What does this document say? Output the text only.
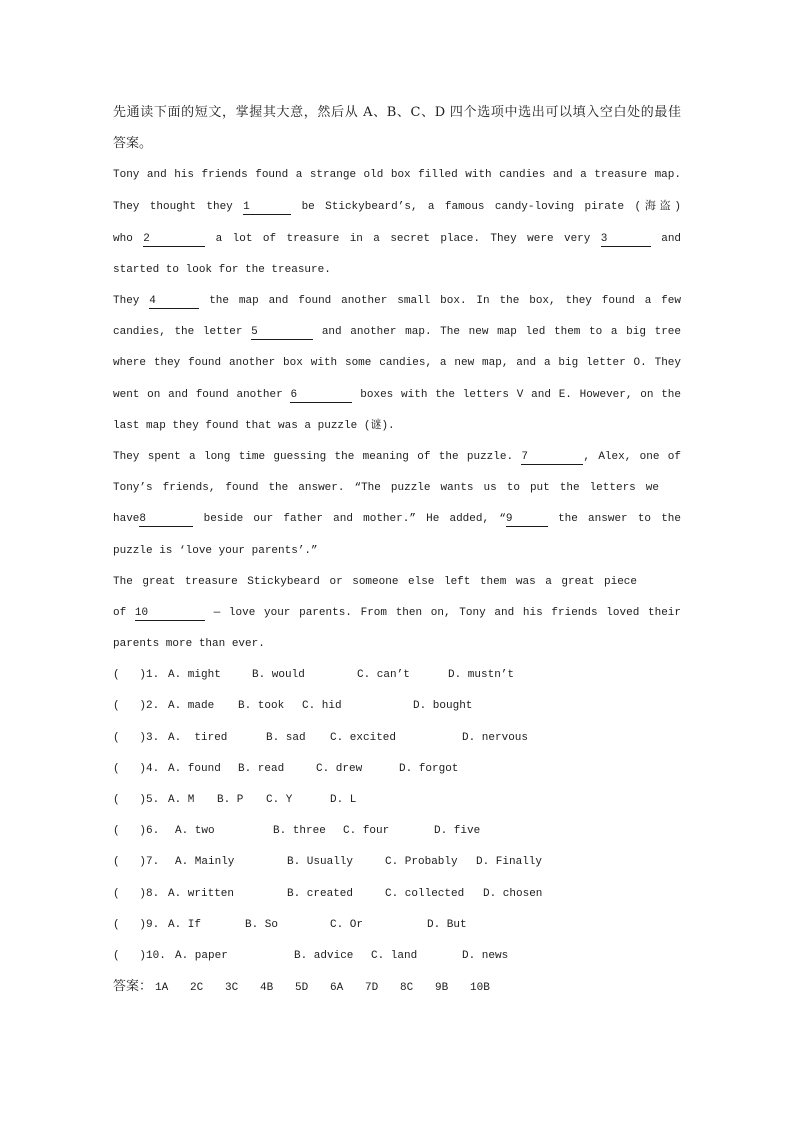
先通读下面的短文，掌握其大意，然后从 A、B、C、D 四个选项中选出可以填入空白处的最佳
答案。
Tony and his friends found a strange old box filled with candies and a treasure map.
They thought they 1	be Stickybeard’s, a famous candy-loving pirate (海盗)
who 2	a lot of treasure in a secret place. They were very 3	and
started to look for the treasure.
They 4	the map and found another small box. In the box, they found a few
candies, the letter 5	and another map. The new map led them to a big tree
where they found another box with some candies, a new map, and a big letter O. They
went on and found another 6	boxes with the letters V and E. However, on the
last map they found that was a puzzle (谜).
They spent a long time guessing the meaning of the puzzle. 7	, Alex, one of
Tony’s friends, found the answer. “The puzzle wants us to put the letters we
have8	beside our father and mother.” He added, “9	the answer to the
puzzle is ‘love your parents’.”
The great treasure Stickybeard or someone else left them was a great piece
of 10	— love your parents. From then on, Tony and his friends loved their
parents more than ever.
(   )1. A. might	B. would	C. can’t	D. mustn’t
(   )2. A. made B. took C. hid	D. bought
(   )3. A.  tired	B. sad C. excited	D. nervous
(   )4. A. found B. read	C. drew	D. forgot
(   )5. A. M B. P C. Y	D. L
(   )6. A. two	B. three C. four	D. five
(   )7. A. Mainly	B. Usually	C. Probably D. Finally
(   )8. A. written	B. created	C. collected D. chosen
(   )9. A. If	B. So	C. Or	D. But
(   )10. A. paper	B. advice C. land	D. news
答案： 1A 2C 3C 4B 5D 6A 7D 8C 9B 10B
